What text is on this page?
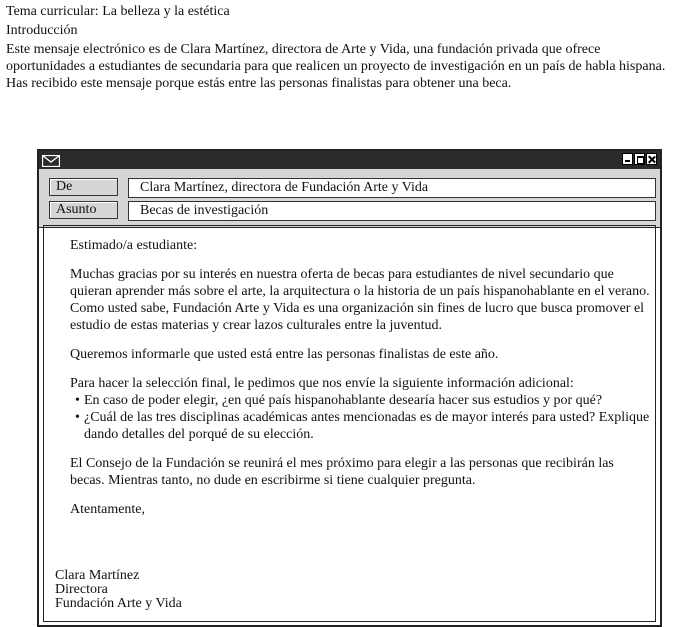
Tema curricular: La belleza y la estética

Introducción

Este mensaje electrónico es de Clara Martínez, directora de Arte y Vida, una fundación privada que ofrece oportunidades a estudiantes de secundaria para que realicen un proyecto de investigación en un país de habla hispana. Has recibido este mensaje porque estás entre las personas finalistas para obtener una beca.

De	Clara Martínez, directora de Fundación Arte y Vida
Asunto	Becas de investigación

Estimado/a estudiante:

Muchas gracias por su interés en nuestra oferta de becas para estudiantes de nivel secundario que quieran aprender más sobre el arte, la arquitectura o la historia de un país hispanohablante en el verano. Como usted sabe, Fundación Arte y Vida es una organización sin fines de lucro que busca promover el estudio de estas materias y crear lazos culturales entre la juventud.

Queremos informarle que usted está entre las personas finalistas de este año.

Para hacer la selección final, le pedimos que nos envíe la siguiente información adicional:

• En caso de poder elegir, ¿en qué país hispanohablante desearía hacer sus estudios y por qué?
• ¿Cuál de las tres disciplinas académicas antes mencionadas es de mayor interés para usted? Explique dando detalles del porqué de su elección.

El Consejo de la Fundación se reunirá el mes próximo para elegir a las personas que recibirán las becas. Mientras tanto, no dude en escribirme si tiene cualquier pregunta.

Atentamente,

Clara Martínez
Directora
Fundación Arte y Vida
